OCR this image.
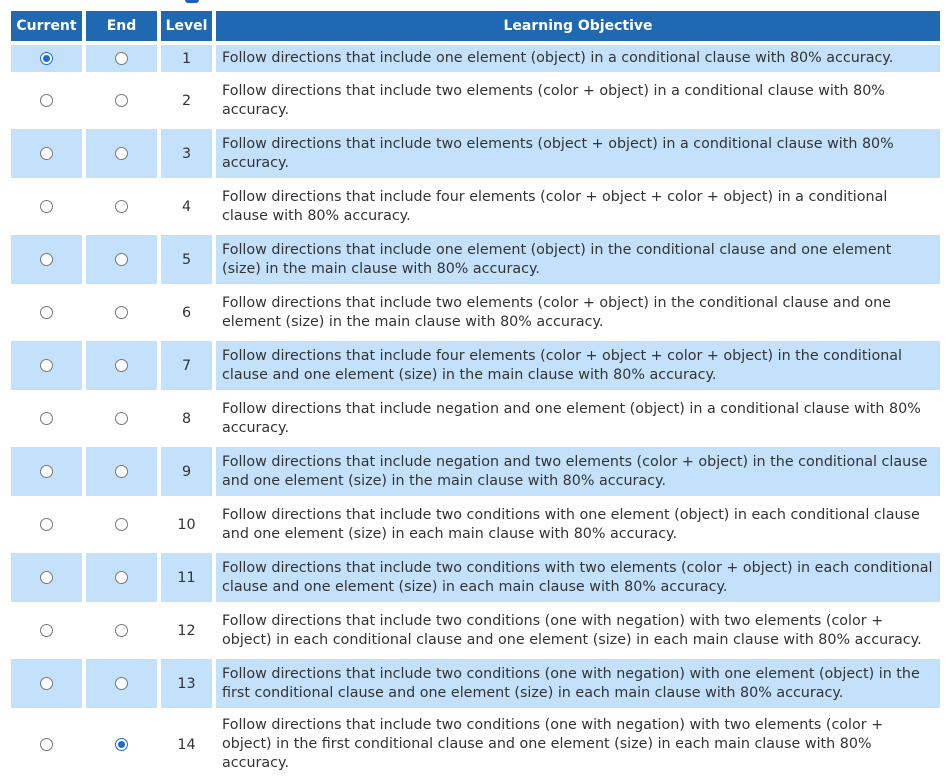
Current	End	Level	Learning Objective
		1	Follow directions that include one element (object) in a conditional clause with 80% accuracy.
		2	Follow directions that include two elements (color + object) in a conditional clause with 80% accuracy.
		3	Follow directions that include two elements (object + object) in a conditional clause with 80% accuracy.
		4	Follow directions that include four elements (color + object + color + object) in a conditional clause with 80% accuracy.
		5	Follow directions that include one element (object) in the conditional clause and one element (size) in the main clause with 80% accuracy.
		6	Follow directions that include two elements (color + object) in the conditional clause and one element (size) in the main clause with 80% accuracy.
		7	Follow directions that include four elements (color + object + color + object) in the conditional clause and one element (size) in the main clause with 80% accuracy.
		8	Follow directions that include negation and one element (object) in a conditional clause with 80% accuracy.
		9	Follow directions that include negation and two elements (color + object) in the conditional clause and one element (size) in the main clause with 80% accuracy.
		10	Follow directions that include two conditions with one element (object) in each conditional clause and one element (size) in each main clause with 80% accuracy.
		11	Follow directions that include two conditions with two elements (color + object) in each conditional clause and one element (size) in each main clause with 80% accuracy.
		12	Follow directions that include two conditions (one with negation) with two elements (color + object) in each conditional clause and one element (size) in each main clause with 80% accuracy.
		13	Follow directions that include two conditions (one with negation) with one element (object) in the first conditional clause and one element (size) in each main clause with 80% accuracy.
		14	Follow directions that include two conditions (one with negation) with two elements (color + object) in the first conditional clause and one element (size) in each main clause with 80% accuracy.
